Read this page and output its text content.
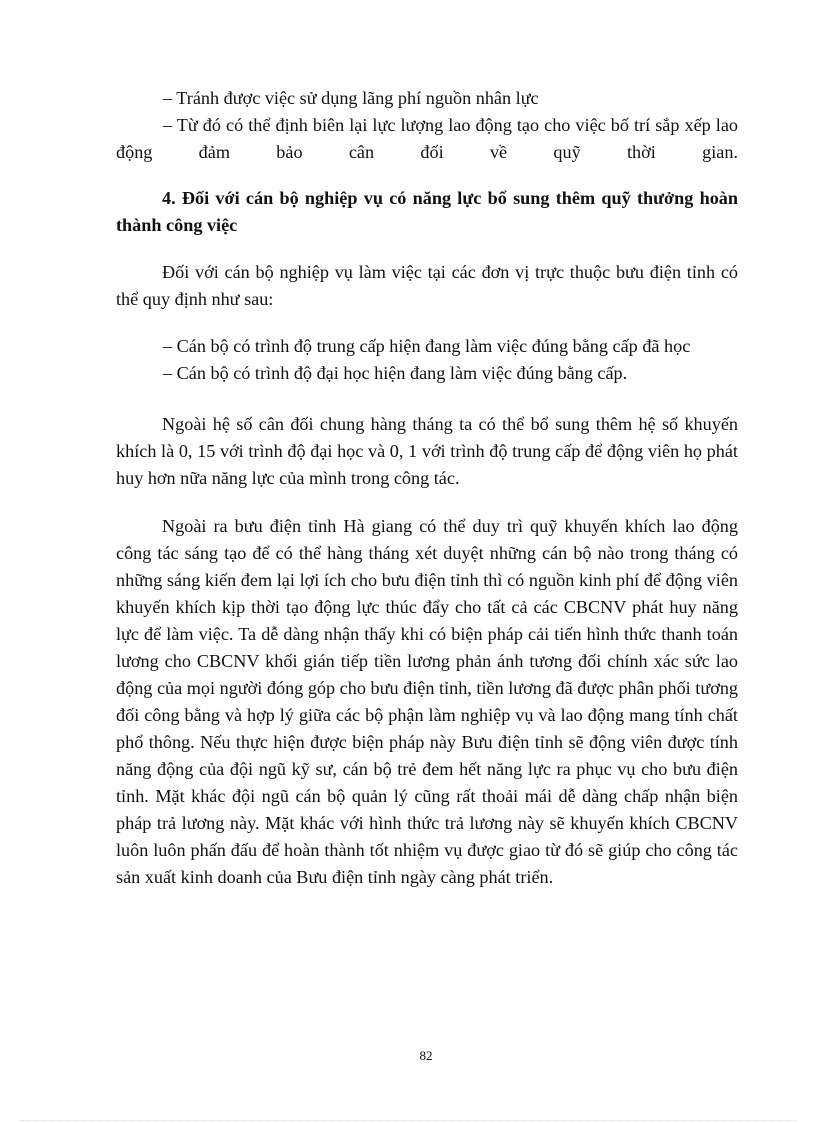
– Tránh được việc sử dụng lãng phí nguồn nhân lực

– Từ đó có thể định biên lại lực lượng lao động tạo cho việc bố trí sắp xếp lao động đảm bảo cân đối về quỹ thời gian.

4. Đối với cán bộ nghiệp vụ có năng lực bổ sung thêm quỹ thưởng hoàn thành công việc

Đối với cán bộ nghiệp vụ làm việc tại các đơn vị trực thuộc bưu điện tỉnh có thể quy định như sau:

– Cán bộ có trình độ trung cấp hiện đang làm việc đúng bằng cấp đã học

– Cán bộ có trình độ đại học hiện đang làm việc đúng bằng cấp.

Ngoài hệ số cân đối chung hàng tháng ta có thể bổ sung thêm hệ số khuyến khích là 0, 15 với trình độ đại học và 0, 1 với trình độ trung cấp để động viên họ phát huy hơn nữa năng lực của mình trong công tác.

Ngoài ra bưu điện tỉnh Hà giang có thể duy trì quỹ khuyến khích lao động công tác sáng tạo để có thể hàng tháng xét duyệt những cán bộ nào trong tháng có những sáng kiến đem lại lợi ích cho bưu điện tỉnh thì có nguồn kinh phí để động viên khuyến khích kịp thời tạo động lực thúc đẩy cho tất cả các CBCNV phát huy năng lực để làm việc. Ta dễ dàng nhận thấy khi có biện pháp cải tiến hình thức thanh toán lương cho CBCNV khối gián tiếp tiền lương phản ánh tương đối chính xác sức lao động của mọi người đóng góp cho bưu điện tỉnh, tiền lương đã được phân phối tương đối công bằng và hợp lý giữa các bộ phận làm nghiệp vụ và lao động mang tính chất phổ thông. Nếu thực hiện được biện pháp này Bưu điện tỉnh sẽ động viên được tính năng động của đội ngũ kỹ sư, cán bộ trẻ đem hết năng lực ra phục vụ cho bưu điện tỉnh. Mặt khác đội ngũ cán bộ quản lý cũng rất thoải mái dễ dàng chấp nhận biện pháp trả lương này. Mặt khác với hình thức trả lương này sẽ khuyến khích CBCNV luôn luôn phấn đấu để hoàn thành tốt nhiệm vụ được giao từ đó sẽ giúp cho công tác sản xuất kinh doanh của Bưu điện tỉnh ngày càng phát triển.

82
